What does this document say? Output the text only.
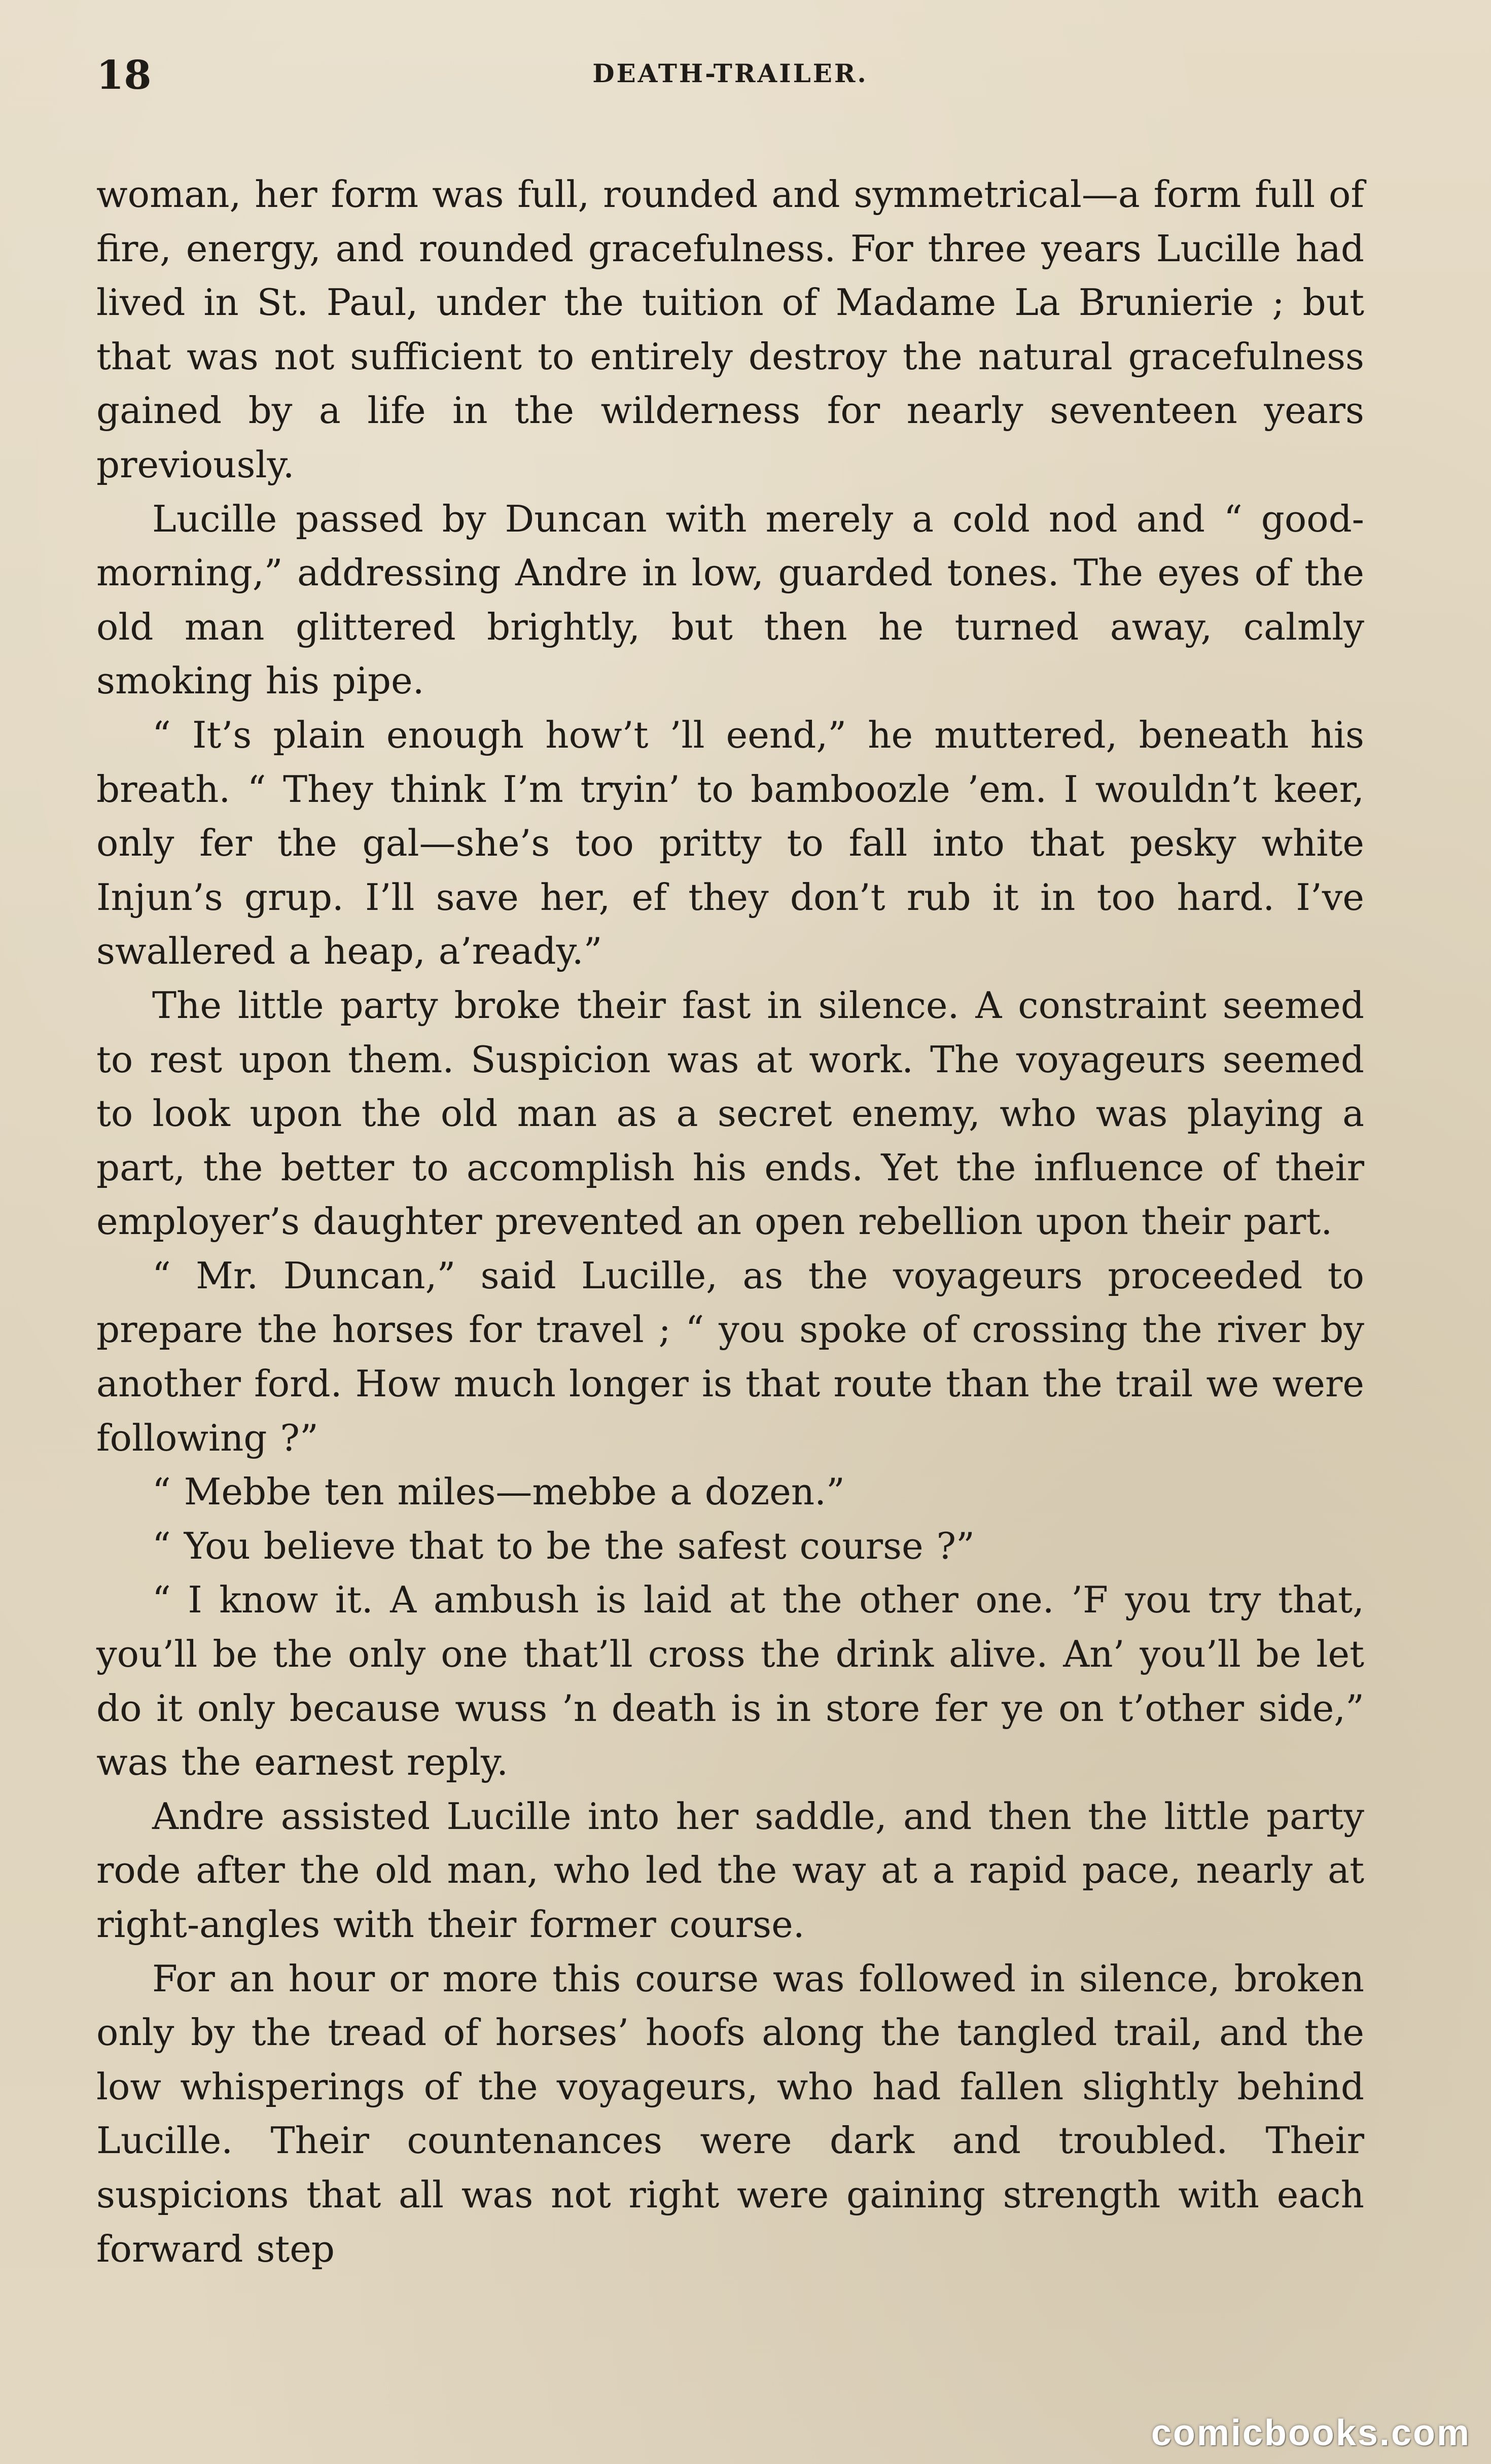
18	DEATH-TRAILER.

woman, her form was full, rounded and symmetrical—a form full of fire, energy, and rounded gracefulness. For three years Lucille had lived in St. Paul, under the tuition of Madame La Brunierie ; but that was not sufficient to entirely destroy the natural gracefulness gained by a life in the wilderness for nearly seventeen years previously.

Lucille passed by Duncan with merely a cold nod and “ good-morning,” addressing Andre in low, guarded tones. The eyes of the old man glittered brightly, but then he turned away, calmly smoking his pipe.

“ It’s plain enough how’t ’ll eend,” he muttered, beneath his breath. “ They think I’m tryin’ to bamboozle ’em. I wouldn’t keer, only fer the gal—she’s too pritty to fall into that pesky white Injun’s grup. I’ll save her, ef they don’t rub it in too hard. I’ve swallered a heap, a’ready.”

The little party broke their fast in silence. A constraint seemed to rest upon them. Suspicion was at work. The voyageurs seemed to look upon the old man as a secret enemy, who was playing a part, the better to accomplish his ends. Yet the influence of their employer’s daughter prevented an open rebellion upon their part.

“ Mr. Duncan,” said Lucille, as the voyageurs proceeded to prepare the horses for travel ; “ you spoke of crossing the river by another ford. How much longer is that route than the trail we were following ?”

“ Mebbe ten miles—mebbe a dozen.”

“ You believe that to be the safest course ?”

“ I know it. A ambush is laid at the other one. ’F you try that, you’ll be the only one that’ll cross the drink alive. An’ you’ll be let do it only because wuss ’n death is in store fer ye on t’other side,” was the earnest reply.

Andre assisted Lucille into her saddle, and then the little party rode after the old man, who led the way at a rapid pace, nearly at right-angles with their former course.

For an hour or more this course was followed in silence, broken only by the tread of horses’ hoofs along the tangled trail, and the low whisperings of the voyageurs, who had fallen slightly behind Lucille. Their countenances were dark and troubled. Their suspicions that all was not right were gaining strength with each forward step

comicbooks.com
